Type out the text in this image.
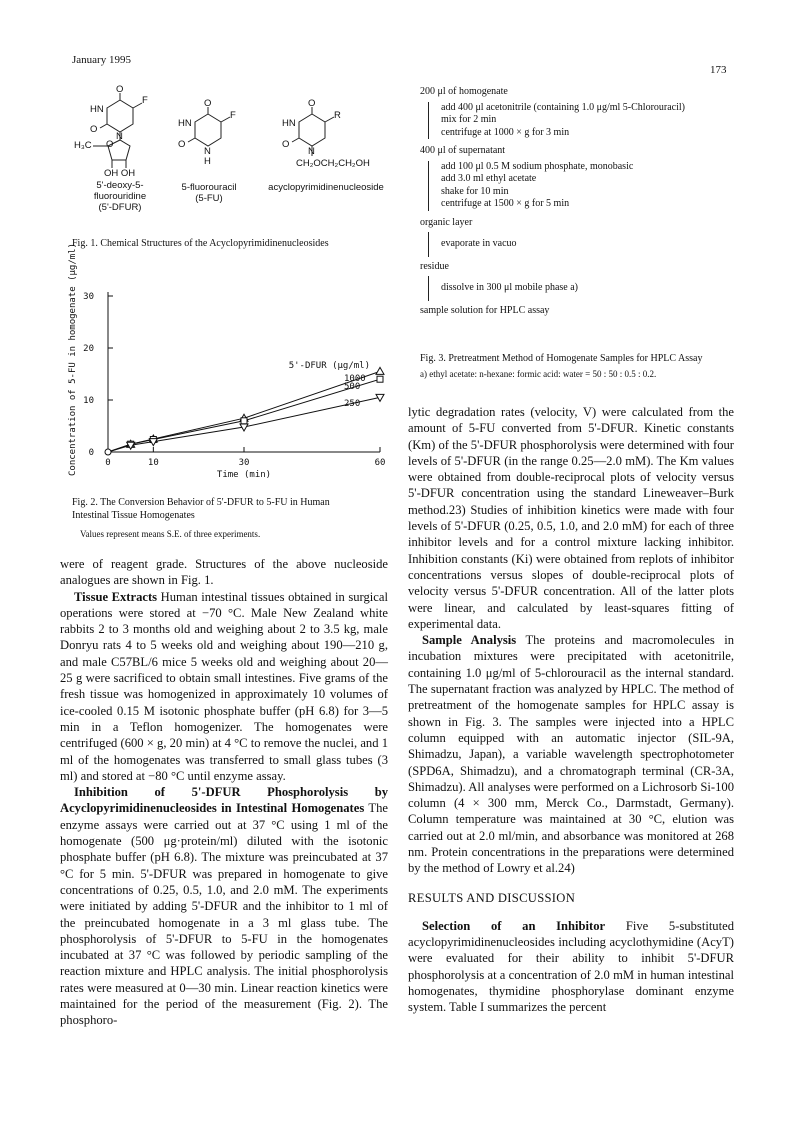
January 1995
173
O
F
HN
O
N
H₃C O
OH OH
5'-deoxy-5-
fluorouridine
(5'-DFUR)
O
F
HN
O
N
H
5-fluorouracil
(5-FU)
O
R
HN
O
N
CH₂OCH₂CH₂OH
acyclopyrimidinenucleoside
Fig. 1. Chemical Structures of the Acyclopyrimidinenucleosides
0
10
20
30
0	10	30	60
Time (min)
5'-DFUR (μg/ml)
1000
500
250
Concentration of 5-FU in homogenate (μg/ml)
Fig. 2. The Conversion Behavior of 5'-DFUR to 5-FU in Human
Intestinal Tissue Homogenates
Values represent means S.E. of three experiments.
200 μl of homogenate
add 400 μl acetonitrile (containing 1.0 μg/ml 5-Chlorouracil)
mix for 2 min
centrifuge at 1000 × g for 3 min
400 μl of supernatant
add 100 μl 0.5 M sodium phosphate, monobasic
add 3.0 ml ethyl acetate
shake for 10 min
centrifuge at 1500 × g for 5 min
organic layer
evaporate in vacuo
residue
dissolve in 300 μl mobile phase a)
sample solution for HPLC assay
Fig. 3. Pretreatment Method of Homogenate Samples for HPLC Assay
a) ethyl acetate: n-hexane: formic acid: water = 50 : 50 : 0.5 : 0.2.

were of reagent grade. Structures of the above nucleoside analogues are shown in Fig. 1.

Tissue Extracts Human intestinal tissues obtained in surgical operations were stored at −70 °C. Male New Zealand white rabbits 2 to 3 months old and weighing about 2 to 3.5 kg, male Donryu rats 4 to 5 weeks old and weighing about 190—210 g, and male C57BL/6 mice 5 weeks old and weighing about 20—25 g were sacrificed to obtain small intestines. Five grams of the fresh tissue was homogenized in approximately 10 volumes of ice-cooled 0.15 M isotonic phosphate buffer (pH 6.8) for 3—5 min in a Teflon homogenizer. The homogenates were centrifuged (600 × g, 20 min) at 4 °C to remove the nuclei, and 1 ml of the homogenates was transferred to small glass tubes (3 ml) and stored at −80 °C until enzyme assay.

Inhibition of 5'-DFUR Phosphorolysis by Acyclopyrimidinenucleosides in Intestinal Homogenates The enzyme assays were carried out at 37 °C using 1 ml of the homogenate (500 μg·protein/ml) diluted with the isotonic phosphate buffer (pH 6.8). The mixture was preincubated at 37 °C for 5 min. 5'-DFUR was prepared in homogenate to give concentrations of 0.25, 0.5, 1.0, and 2.0 mM. The experiments were initiated by adding 5'-DFUR and the inhibitor to 1 ml of the preincubated homogenate in a 3 ml glass tube. The phosphorolysis of 5'-DFUR to 5-FU in the homogenates incubated at 37 °C was followed by periodic sampling of the reaction mixture and HPLC analysis. The initial phosphorolysis rates were measured at 0—30 min. Linear reaction kinetics were maintained for the period of the measurement (Fig. 2). The phosphoro-

lytic degradation rates (velocity, V) were calculated from the amount of 5-FU converted from 5'-DFUR. Kinetic constants (Km) of the 5'-DFUR phosphorolysis were determined with four levels of 5'-DFUR (in the range 0.25—2.0 mM). The Km values were obtained from double-reciprocal plots of velocity versus 5'-DFUR concentration using the standard Lineweaver–Burk method.23) Studies of inhibition kinetics were made with four levels of 5'-DFUR (0.25, 0.5, 1.0, and 2.0 mM) for each of three inhibitor levels and for a control mixture lacking inhibitor. Inhibition constants (Ki) were obtained from replots of inhibitor concentrations versus slopes of double-reciprocal plots of velocity versus 5'-DFUR concentration. All of the latter plots were linear, and calculated by least-squares fitting of experimental data.

Sample Analysis The proteins and macromolecules in incubation mixtures were precipitated with acetonitrile, containing 1.0 μg/ml of 5-chlorouracil as the internal standard. The supernatant fraction was analyzed by HPLC. The method of pretreatment of the homogenate samples for HPLC assay is shown in Fig. 3. The samples were injected into a HPLC column equipped with an automatic injector (SIL-9A, Shimadzu, Japan), a variable wavelength spectrophotometer (SPD6A, Shimadzu), and a chromatograph terminal (CR-3A, Shimadzu). All analyses were performed on a Lichrosorb Si-100 column (4 × 300 mm, Merck Co., Darmstadt, Germany). Column temperature was maintained at 30 °C, elution was carried out at 2.0 ml/min, and absorbance was monitored at 268 nm. Protein concentrations in the preparations were determined by the method of Lowry et al.24)

RESULTS AND DISCUSSION

Selection of an Inhibitor Five 5-substituted acyclopyrimidinenucleosides including acyclothymidine (AcyT) were evaluated for their ability to inhibit 5'-DFUR phosphorolysis at a concentration of 2.0 mM in human intestinal homogenates, thymidine phosphorylase dominant enzyme system. Table I summarizes the percent
